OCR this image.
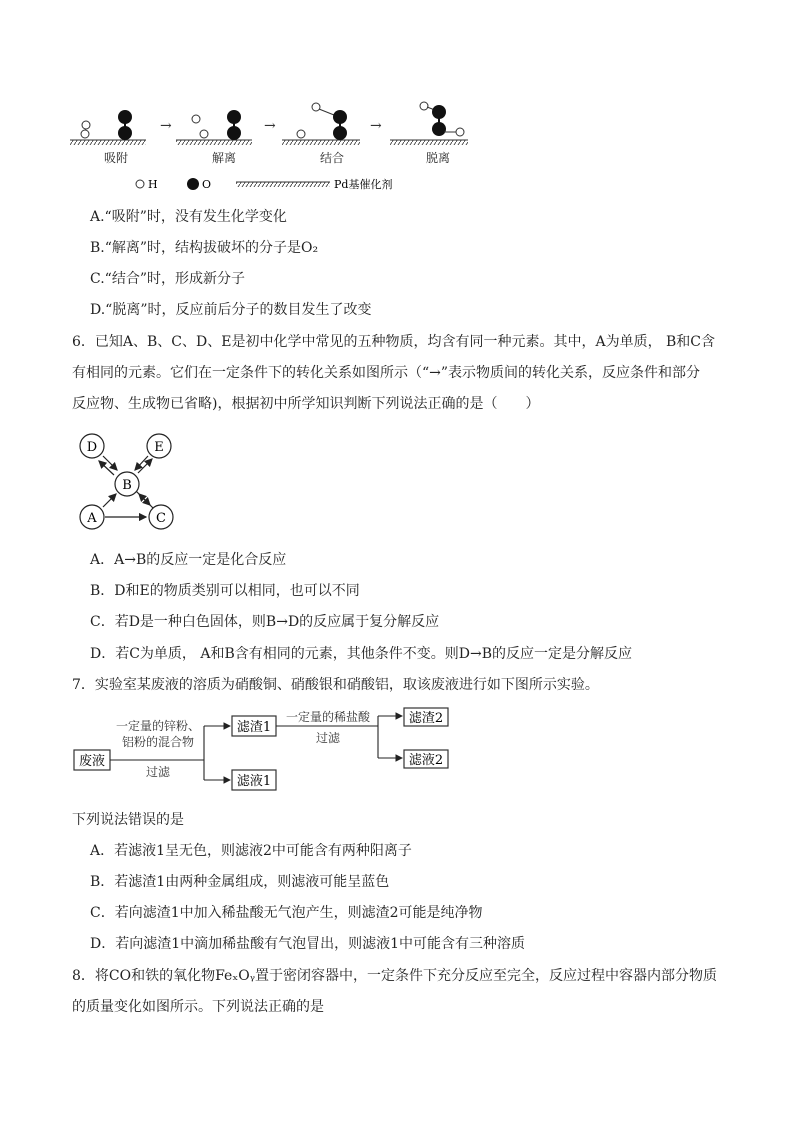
吸附
→
解离
→
结合
→
脱离
H	O	Pd基催化剂
A.“吸附”时，没有发生化学变化
B.“解离”时，结构拔破坏的分子是O₂
C.“结合”时，形成新分子
D.“脱离”时，反应前后分子的数目发生了改变
6．已知A、B、C、D、E是初中化学中常见的五种物质，均含有同一种元素。其中，A为单质， B和C含
有相同的元素。它们在一定条件下的转化关系如图所示（“→”表示物质间的转化关系，反应条件和部分
反应物、生成物已省略)，根据初中所学知识判断下列说法正确的是（　　）
D	E
B
A	C
A．A→B的反应一定是化合反应
B．D和E的物质类别可以相同，也可以不同
C．若D是一种白色固体，则B→D的反应属于复分解反应
D．若C为单质， A和B含有相同的元素，其他条件不变。则D→B的反应一定是分解反应
7．实验室某废液的溶质为硝酸铜、硝酸银和硝酸铝，取该废液进行如下图所示实验。
废液
一定量的锌粉、
铝粉的混合物
过滤
滤渣1
滤液1
一定量的稀盐酸
过滤
滤渣2
滤液2
下列说法错误的是
A．若滤液1呈无色，则滤液2中可能含有两种阳离子
B．若滤渣1由两种金属组成，则滤液可能呈蓝色
C．若向滤渣1中加入稀盐酸无气泡产生，则滤渣2可能是纯净物
D．若向滤渣1中滴加稀盐酸有气泡冒出，则滤液1中可能含有三种溶质
8．将CO和铁的氧化物FeₓOᵧ置于密闭容器中，一定条件下充分反应至完全，反应过程中容器内部分物质
的质量变化如图所示。下列说法正确的是
